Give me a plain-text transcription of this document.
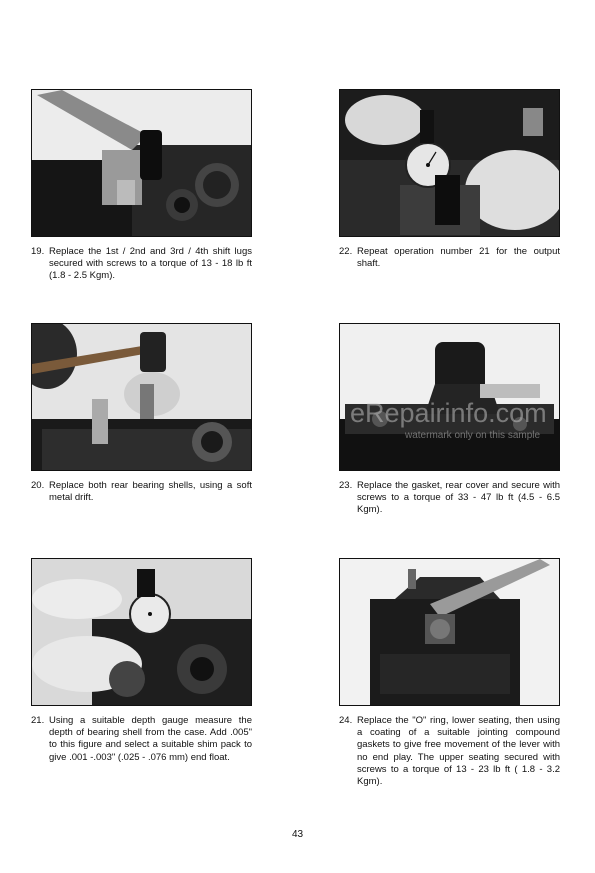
19. Replace the 1st / 2nd and 3rd / 4th shift lugs secured with screws to a torque of 13 - 18 lb ft (1.8 - 2.5 Kgm).
22. Repeat operation number 21 for the output shaft.
20. Replace both rear bearing shells, using a soft metal drift.
23. Replace the gasket, rear cover and secure with screws to a torque of 33 - 47 lb ft (4.5 - 6.5 Kgm).
21. Using a suitable depth gauge measure the depth of bearing shell from the case. Add .005" to this figure and select a suitable shim pack to give .001 -.003" (.025 - .076 mm) end float.
24. Replace the "O" ring, lower seating, then using a coating of a suitable jointing compound gaskets to give free movement of the lever with no end play. The upper seating secured with screws to a torque of 13 - 23 lb ft ( 1.8 - 3.2 Kgm).
eRepairinfo.com
watermark only on this sample
43
